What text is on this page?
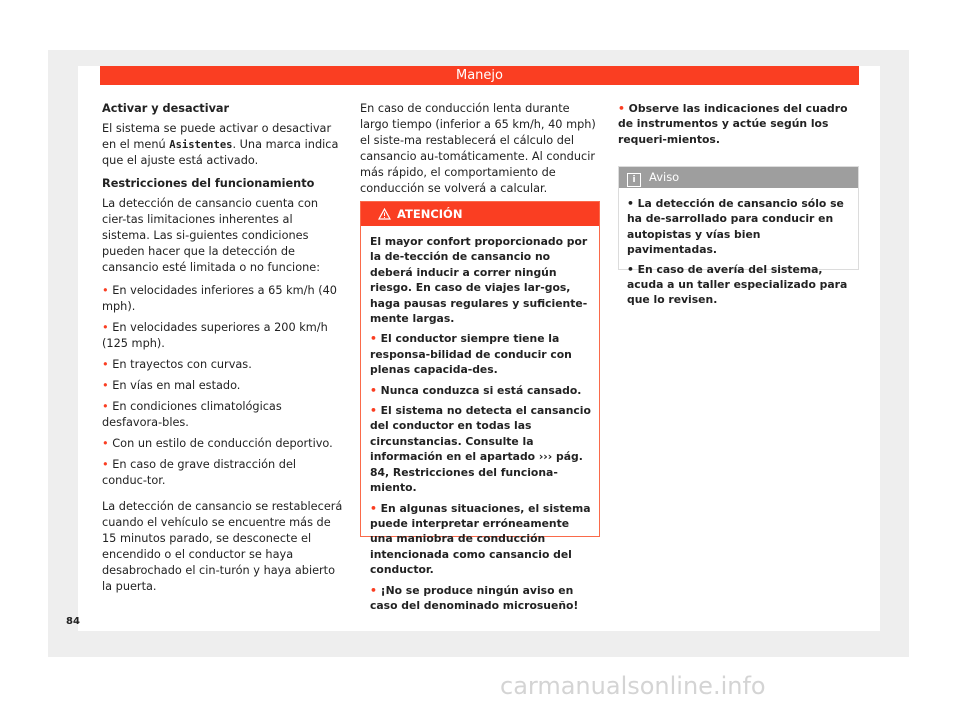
Manejo

Activar y desactivar

El sistema se puede activar o desactivar en el menú Asistentes. Una marca indica que el ajuste está activado.

Restricciones del funcionamiento

La detección de cansancio cuenta con cier-tas limitaciones inherentes al sistema. Las si-guientes condiciones pueden hacer que la detección de cansancio esté limitada o no funcione:

• En velocidades inferiores a 65 km/h (40 mph).
• En velocidades superiores a 200 km/h (125 mph).
• En trayectos con curvas.
• En vías en mal estado.
• En condiciones climatológicas desfavora-bles.
• Con un estilo de conducción deportivo.
• En caso de grave distracción del conduc-tor.

La detección de cansancio se restablecerá cuando el vehículo se encuentre más de 15 minutos parado, se desconecte el encendido o el conductor se haya desabrochado el cin-turón y haya abierto la puerta.

En caso de conducción lenta durante largo tiempo (inferior a 65 km/h, 40 mph) el siste-ma restablecerá el cálculo del cansancio au-tomáticamente. Al conducir más rápido, el comportamiento de conducción se volverá a calcular.

ATENCIÓN

El mayor confort proporcionado por la de-tección de cansancio no deberá inducir a correr ningún riesgo. En caso de viajes lar-gos, haga pausas regulares y suficiente-mente largas.

• El conductor siempre tiene la responsa-bilidad de conducir con plenas capacida-des.

• Nunca conduzca si está cansado.

• El sistema no detecta el cansancio del conductor en todas las circunstancias. Consulte la información en el apartado ››› pág. 84, Restricciones del funciona-miento.

• En algunas situaciones, el sistema puede interpretar erróneamente una maniobra de conducción intencionada como cansancio del conductor.

• ¡No se produce ningún aviso en caso del denominado microsueño!

• Observe las indicaciones del cuadro de instrumentos y actúe según los requeri-mientos.

i Aviso

• La detección de cansancio sólo se ha de-sarrollado para conducir en autopistas y vías bien pavimentadas.

• En caso de avería del sistema, acuda a un taller especializado para que lo revisen.

84
carmanualsonline.info
